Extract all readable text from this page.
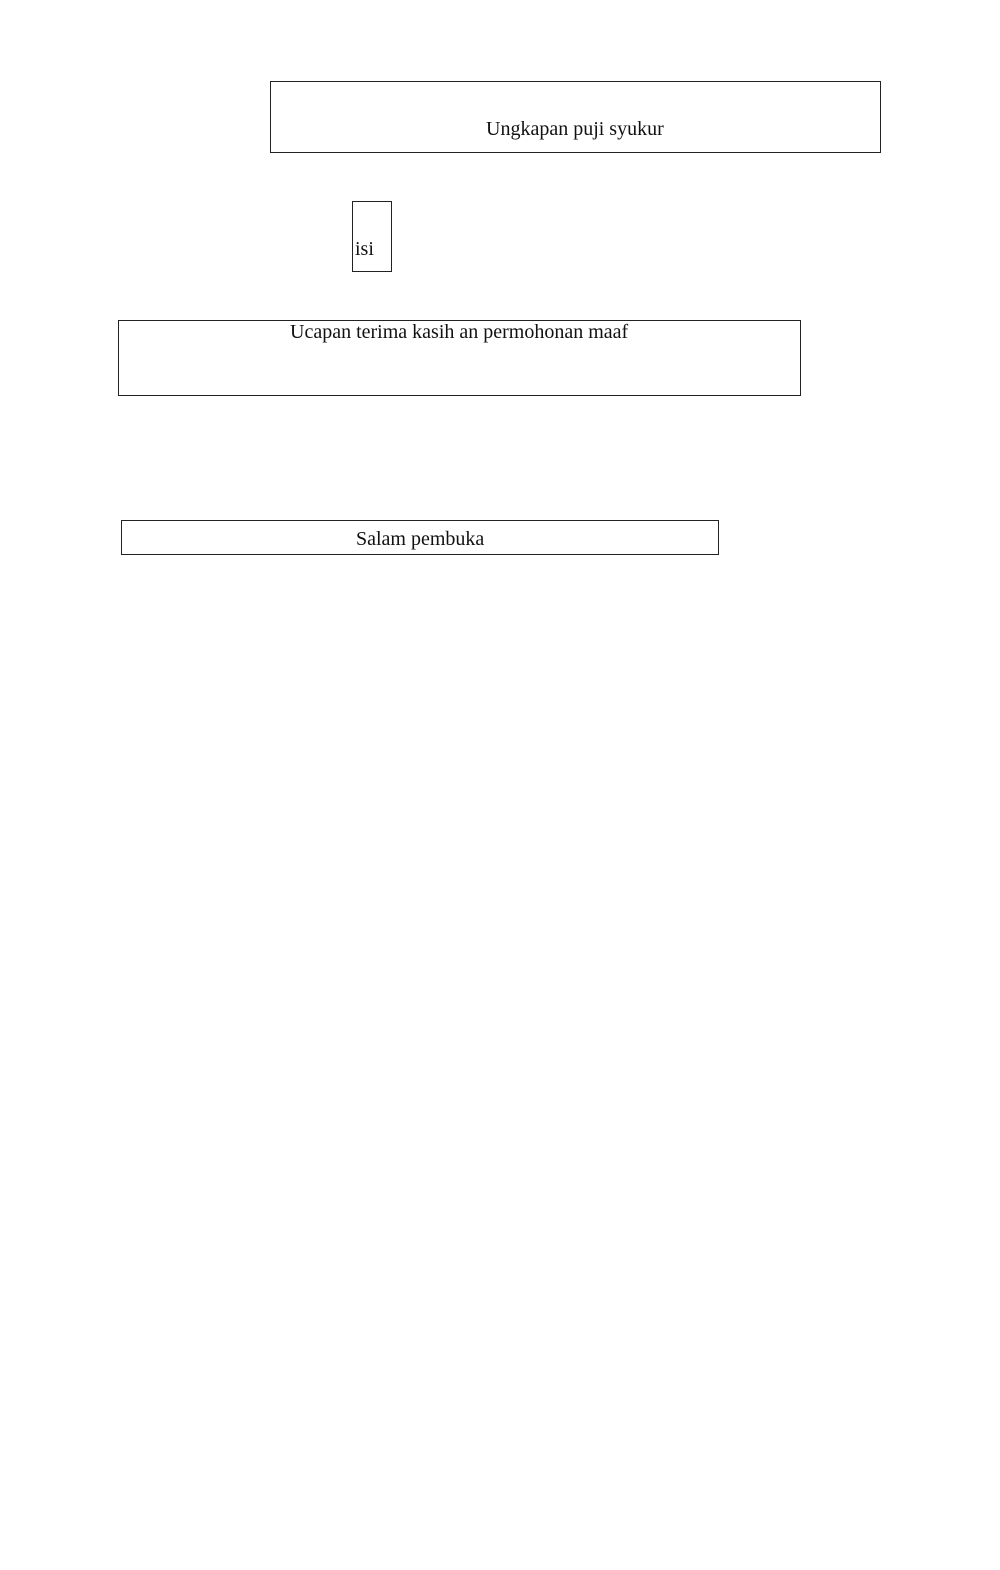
Ungkapan puji syukur
isi
Ucapan terima kasih an permohonan maaf
Salam pembuka
